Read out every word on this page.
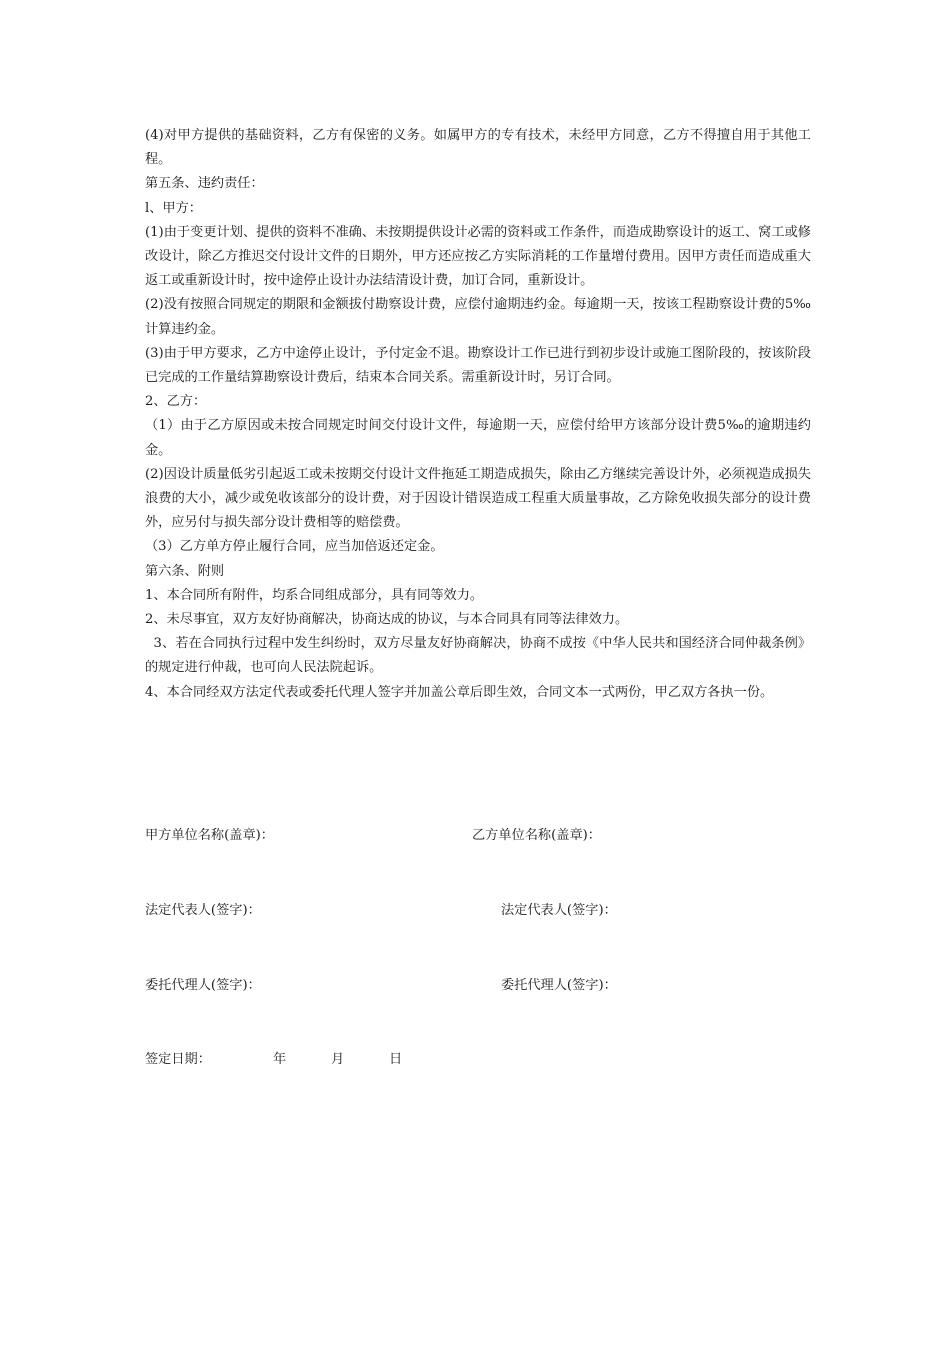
(4)对甲方提供的基础资料，乙方有保密的义务。如属甲方的专有技术，未经甲方同意，乙方不得擅自用于其他工程。

第五条、违约责任：

l、甲方：

(1)由于变更计划、提供的资料不准确、未按期提供设计必需的资料或工作条件，而造成勘察设计的返工、窝工或修改设计，除乙方推迟交付设计文件的日期外，甲方还应按乙方实际消耗的工作量增付费用。因甲方责任而造成重大返工或重新设计时，按中途停止设计办法结清设计费，加订合同，重新设计。

(2)没有按照合同规定的期限和金额拔付勘察设计费，应偿付逾期违约金。每逾期一天，按该工程勘察设计费的5‰计算违约金。

(3)由于甲方要求，乙方中途停止设计，予付定金不退。勘察设计工作已进行到初步设计或施工图阶段的，按该阶段已完成的工作量结算勘察设计费后，结束本合同关系。需重新设计时，另订合同。

2、乙方：

（1）由于乙方原因或未按合同规定时间交付设计文件，每逾期一天，应偿付给甲方该部分设计费5‰的逾期违约金。

(2)因设计质量低劣引起返工或未按期交付设计文件拖延工期造成损失，除由乙方继续完善设计外，必须视造成损失浪费的大小，减少或免收该部分的设计费，对于因设计错误造成工程重大质量事故，乙方除免收损失部分的设计费外，应另付与损失部分设计费相等的赔偿费。

（3）乙方单方停止履行合同，应当加倍返还定金。

第六条、附则

1、本合同所有附件，均系合同组成部分，具有同等效力。

2、未尽事宜，双方友好协商解决，协商达成的协议，与本合同具有同等法律效力。

3、若在合同执行过程中发生纠纷时，双方尽量友好协商解决，协商不成按《中华人民共和国经济合同仲裁条例》的规定进行仲裁，也可向人民法院起诉。

4、本合同经双方法定代表或委托代理人签字并加盖公章后即生效，合同文本一式两份，甲乙双方各执一份。

甲方单位名称(盖章)：	乙方单位名称(盖章)：
法定代表人(签字)：	法定代表人(签字)：
委托代理人(签字)：	委托代理人(签字)：
签定日期：	年	月	日
